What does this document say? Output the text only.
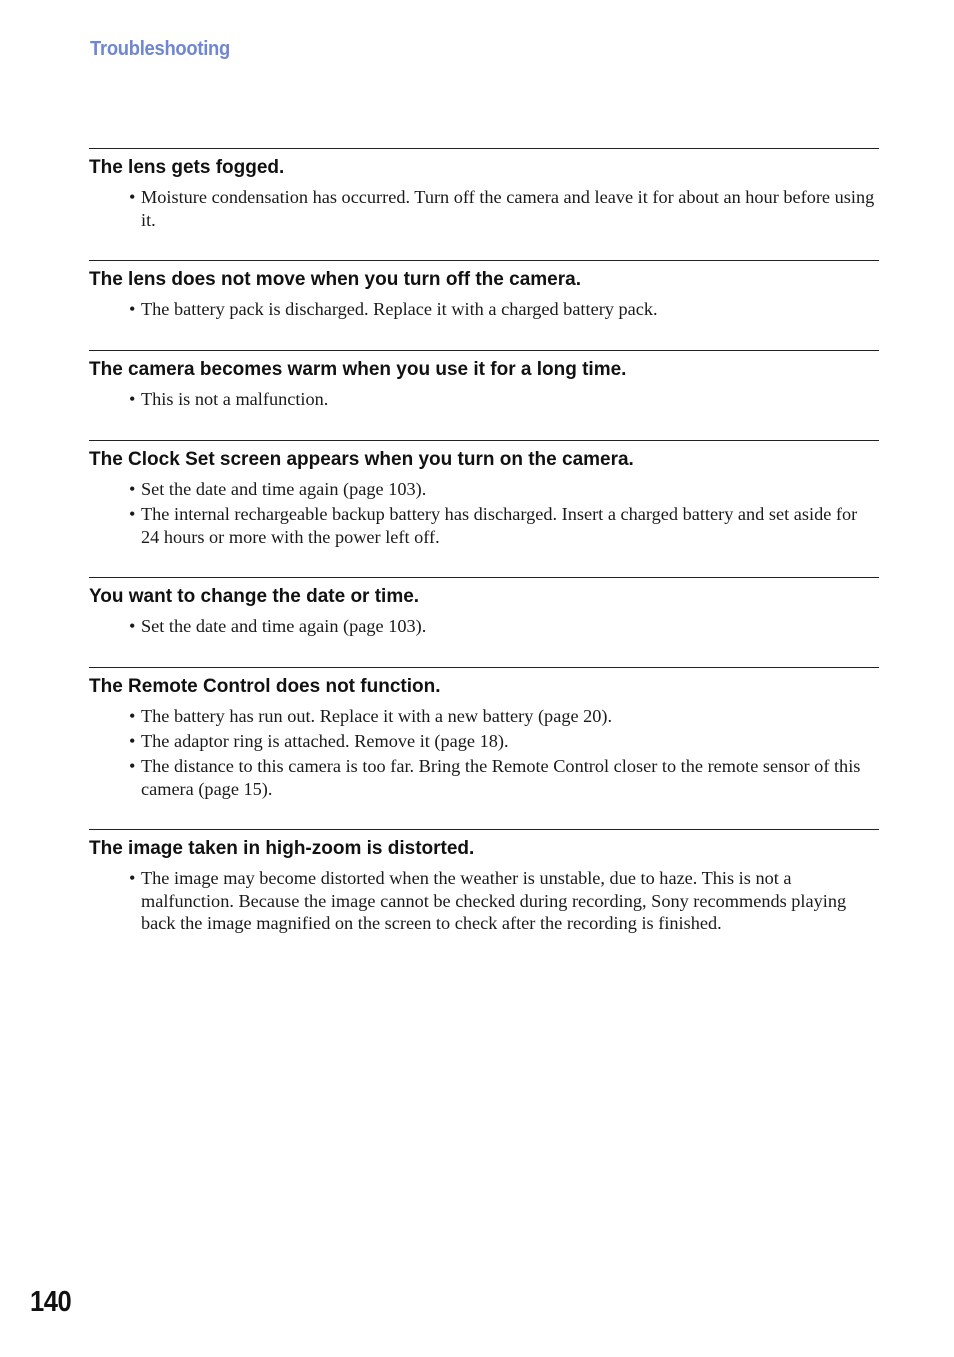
Troubleshooting
The lens gets fogged.
• Moisture condensation has occurred. Turn off the camera and leave it for about an hour before using it.
The lens does not move when you turn off the camera.
• The battery pack is discharged. Replace it with a charged battery pack.
The camera becomes warm when you use it for a long time.
• This is not a malfunction.
The Clock Set screen appears when you turn on the camera.
• Set the date and time again (page 103).
• The internal rechargeable backup battery has discharged. Insert a charged battery and set aside for 24 hours or more with the power left off.
You want to change the date or time.
• Set the date and time again (page 103).
The Remote Control does not function.
• The battery has run out. Replace it with a new battery (page 20).
• The adaptor ring is attached. Remove it (page 18).
• The distance to this camera is too far. Bring the Remote Control closer to the remote sensor of this camera (page 15).
The image taken in high-zoom is distorted.
• The image may become distorted when the weather is unstable, due to haze. This is not a malfunction. Because the image cannot be checked during recording, Sony recommends playing back the image magnified on the screen to check after the recording is finished.
140
